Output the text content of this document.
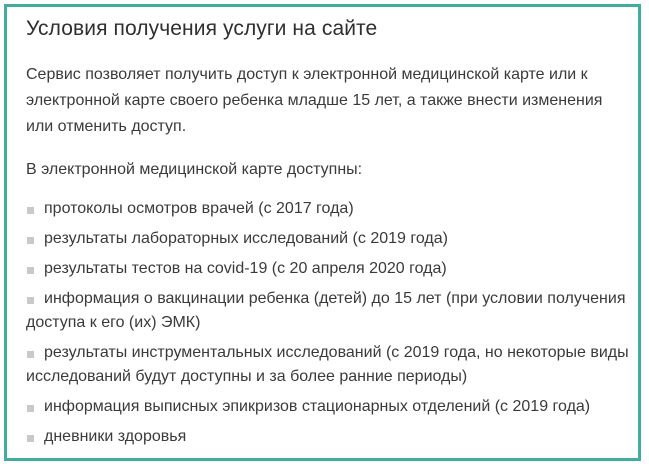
Условия получения услуги на сайте

Сервис позволяет получить доступ к электронной медицинской карте или к электронной карте своего ребенка младше 15 лет, а также внести изменения или отменить доступ.

В электронной медицинской карте доступны:

протоколы осмотров врачей (с 2017 года)
результаты лабораторных исследований (с 2019 года)
результаты тестов на covid-19 (с 20 апреля 2020 года)
информация о вакцинации ребенка (детей) до 15 лет (при условии получения доступа к его (их) ЭМК)
результаты инструментальных исследований (с 2019 года, но некоторые виды исследований будут доступны и за более ранние периоды)
информация выписных эпикризов стационарных отделений (с 2019 года)
дневники здоровья
